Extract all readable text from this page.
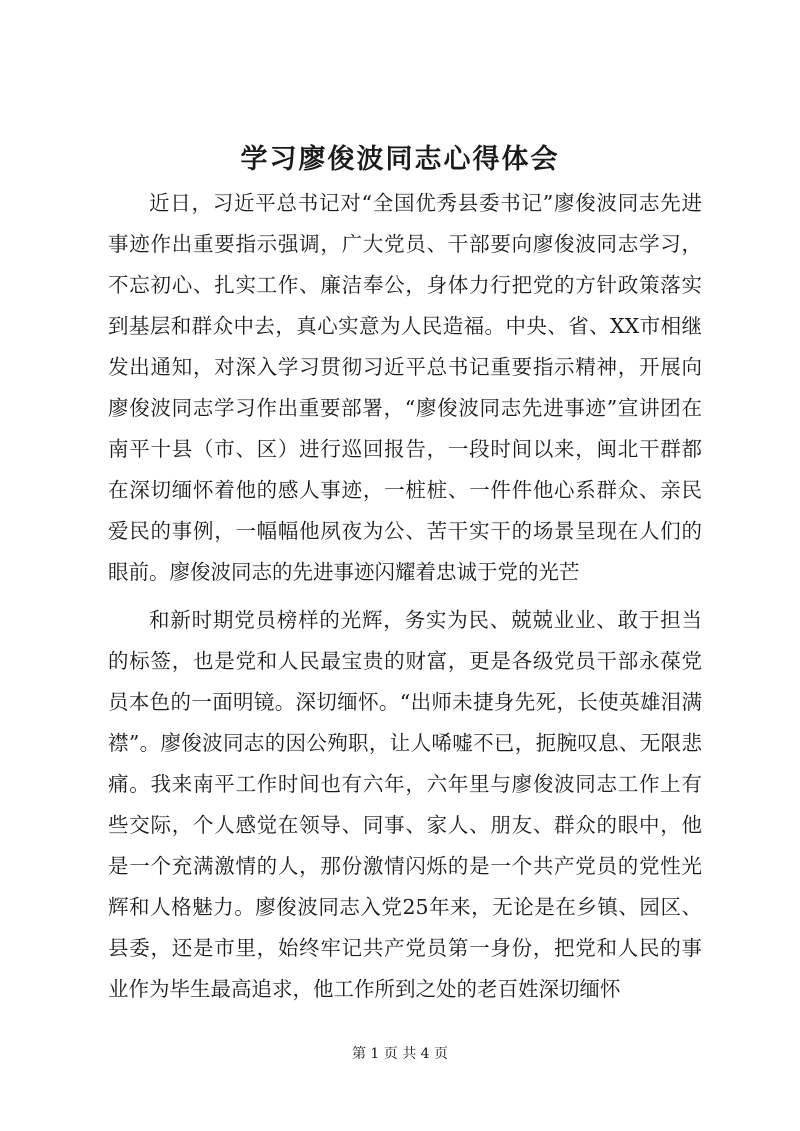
学习廖俊波同志心得体会

近日，习近平总书记对“全国优秀县委书记”廖俊波同志先进事迹作出重要指示强调，广大党员、干部要向廖俊波同志学习，不忘初心、扎实工作、廉洁奉公，身体力行把党的方针政策落实到基层和群众中去，真心实意为人民造福。中央、省、XX市相继发出通知，对深入学习贯彻习近平总书记重要指示精神，开展向廖俊波同志学习作出重要部署，“廖俊波同志先进事迹”宣讲团在南平十县（市、区）进行巡回报告，一段时间以来，闽北干群都在深切缅怀着他的感人事迹，一桩桩、一件件他心系群众、亲民爱民的事例，一幅幅他夙夜为公、苦干实干的场景呈现在人们的眼前。廖俊波同志的先进事迹闪耀着忠诚于党的光芒

和新时期党员榜样的光辉，务实为民、兢兢业业、敢于担当的标签，也是党和人民最宝贵的财富，更是各级党员干部永葆党员本色的一面明镜。深切缅怀。“出师未捷身先死，长使英雄泪满襟”。廖俊波同志的因公殉职，让人唏嘘不已，扼腕叹息、无限悲痛。我来南平工作时间也有六年，六年里与廖俊波同志工作上有些交际，个人感觉在领导、同事、家人、朋友、群众的眼中，他是一个充满激情的人，那份激情闪烁的是一个共产党员的党性光辉和人格魅力。廖俊波同志入党25年来，无论是在乡镇、园区、县委，还是市里，始终牢记共产党员第一身份，把党和人民的事业作为毕生最高追求，他工作所到之处的老百姓深切缅怀

第 1 页 共 4 页
